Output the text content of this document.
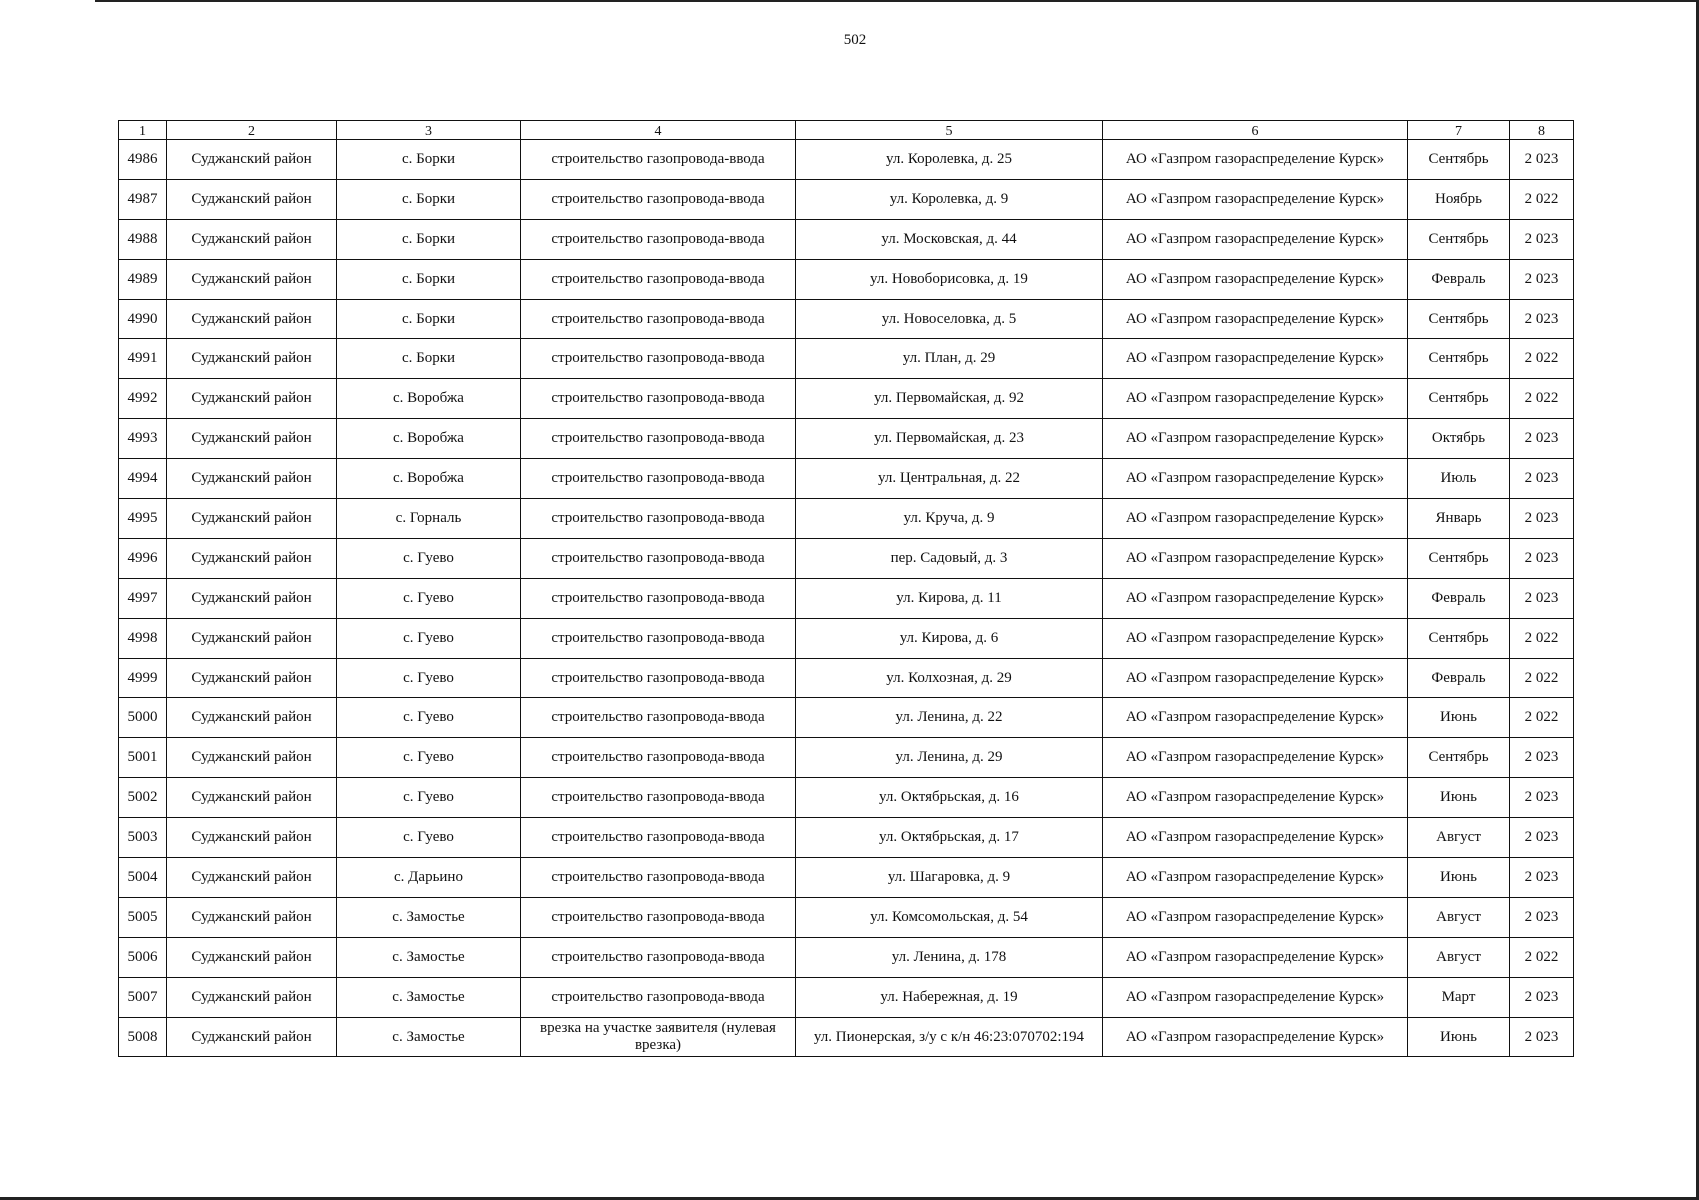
502
1	2	3	4	5	6	7	8
4986	Суджанский район	с. Борки	строительство газопровода-ввода	ул. Королевка, д. 25	АО «Газпром газораспределение Курск»	Сентябрь	2 023
4987	Суджанский район	с. Борки	строительство газопровода-ввода	ул. Королевка, д. 9	АО «Газпром газораспределение Курск»	Ноябрь	2 022
4988	Суджанский район	с. Борки	строительство газопровода-ввода	ул. Московская, д. 44	АО «Газпром газораспределение Курск»	Сентябрь	2 023
4989	Суджанский район	с. Борки	строительство газопровода-ввода	ул. Новоборисовка, д. 19	АО «Газпром газораспределение Курск»	Февраль	2 023
4990	Суджанский район	с. Борки	строительство газопровода-ввода	ул. Новоселовка, д. 5	АО «Газпром газораспределение Курск»	Сентябрь	2 023
4991	Суджанский район	с. Борки	строительство газопровода-ввода	ул. План, д. 29	АО «Газпром газораспределение Курск»	Сентябрь	2 022
4992	Суджанский район	с. Воробжа	строительство газопровода-ввода	ул. Первомайская, д. 92	АО «Газпром газораспределение Курск»	Сентябрь	2 022
4993	Суджанский район	с. Воробжа	строительство газопровода-ввода	ул. Первомайская, д. 23	АО «Газпром газораспределение Курск»	Октябрь	2 023
4994	Суджанский район	с. Воробжа	строительство газопровода-ввода	ул. Центральная, д. 22	АО «Газпром газораспределение Курск»	Июль	2 023
4995	Суджанский район	с. Горналь	строительство газопровода-ввода	ул. Круча, д. 9	АО «Газпром газораспределение Курск»	Январь	2 023
4996	Суджанский район	с. Гуево	строительство газопровода-ввода	пер. Садовый, д. 3	АО «Газпром газораспределение Курск»	Сентябрь	2 023
4997	Суджанский район	с. Гуево	строительство газопровода-ввода	ул. Кирова, д. 11	АО «Газпром газораспределение Курск»	Февраль	2 023
4998	Суджанский район	с. Гуево	строительство газопровода-ввода	ул. Кирова, д. 6	АО «Газпром газораспределение Курск»	Сентябрь	2 022
4999	Суджанский район	с. Гуево	строительство газопровода-ввода	ул. Колхозная, д. 29	АО «Газпром газораспределение Курск»	Февраль	2 022
5000	Суджанский район	с. Гуево	строительство газопровода-ввода	ул. Ленина, д. 22	АО «Газпром газораспределение Курск»	Июнь	2 022
5001	Суджанский район	с. Гуево	строительство газопровода-ввода	ул. Ленина, д. 29	АО «Газпром газораспределение Курск»	Сентябрь	2 023
5002	Суджанский район	с. Гуево	строительство газопровода-ввода	ул. Октябрьская, д. 16	АО «Газпром газораспределение Курск»	Июнь	2 023
5003	Суджанский район	с. Гуево	строительство газопровода-ввода	ул. Октябрьская, д. 17	АО «Газпром газораспределение Курск»	Август	2 023
5004	Суджанский район	с. Дарьино	строительство газопровода-ввода	ул. Шагаровка, д. 9	АО «Газпром газораспределение Курск»	Июнь	2 023
5005	Суджанский район	с. Замостье	строительство газопровода-ввода	ул. Комсомольская, д. 54	АО «Газпром газораспределение Курск»	Август	2 023
5006	Суджанский район	с. Замостье	строительство газопровода-ввода	ул. Ленина, д. 178	АО «Газпром газораспределение Курск»	Август	2 022
5007	Суджанский район	с. Замостье	строительство газопровода-ввода	ул. Набережная, д. 19	АО «Газпром газораспределение Курск»	Март	2 023
5008	Суджанский район	с. Замостье	врезка на участке заявителя (нулевая врезка)	ул. Пионерская, з/у с к/н 46:23:070702:194	АО «Газпром газораспределение Курск»	Июнь	2 023
